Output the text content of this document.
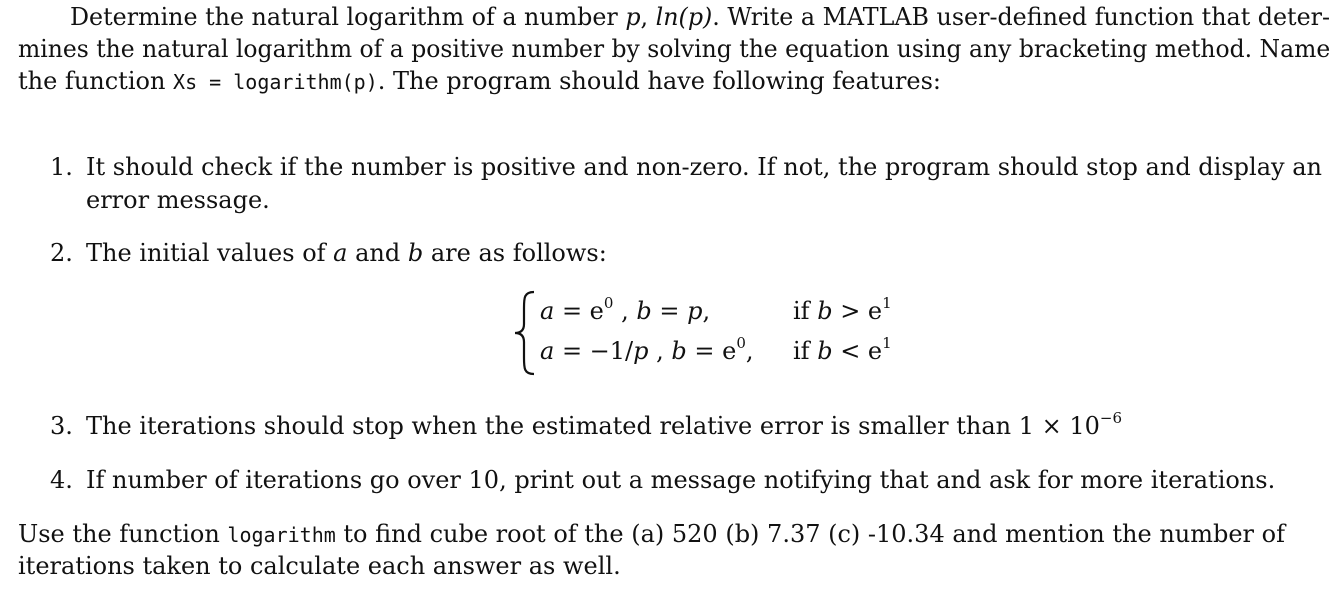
Determine the natural logarithm of a number p, ln(p). Write a MATLAB user-defined function that deter-
mines the natural logarithm of a positive number by solving the equation using any bracketing method. Name
the function Xs = logarithm(p). The program should have following features:
1. It should check if the number is positive and non-zero. If not, the program should stop and display an
error message.
2. The initial values of a and b are as follows:
$a = e^0$ , b = p,	if $b > e^1$
a = −1/p , $b = e^0$, if $b < e^1$
3. The iterations should stop when the estimated relative error is smaller than $1 \times 10^{-6}$
4. If number of iterations go over 10, print out a message notifying that and ask for more iterations.
Use the function logarithm to find cube root of the (a) 520 (b) 7.37 (c) -10.34 and mention the number of
iterations taken to calculate each answer as well.
